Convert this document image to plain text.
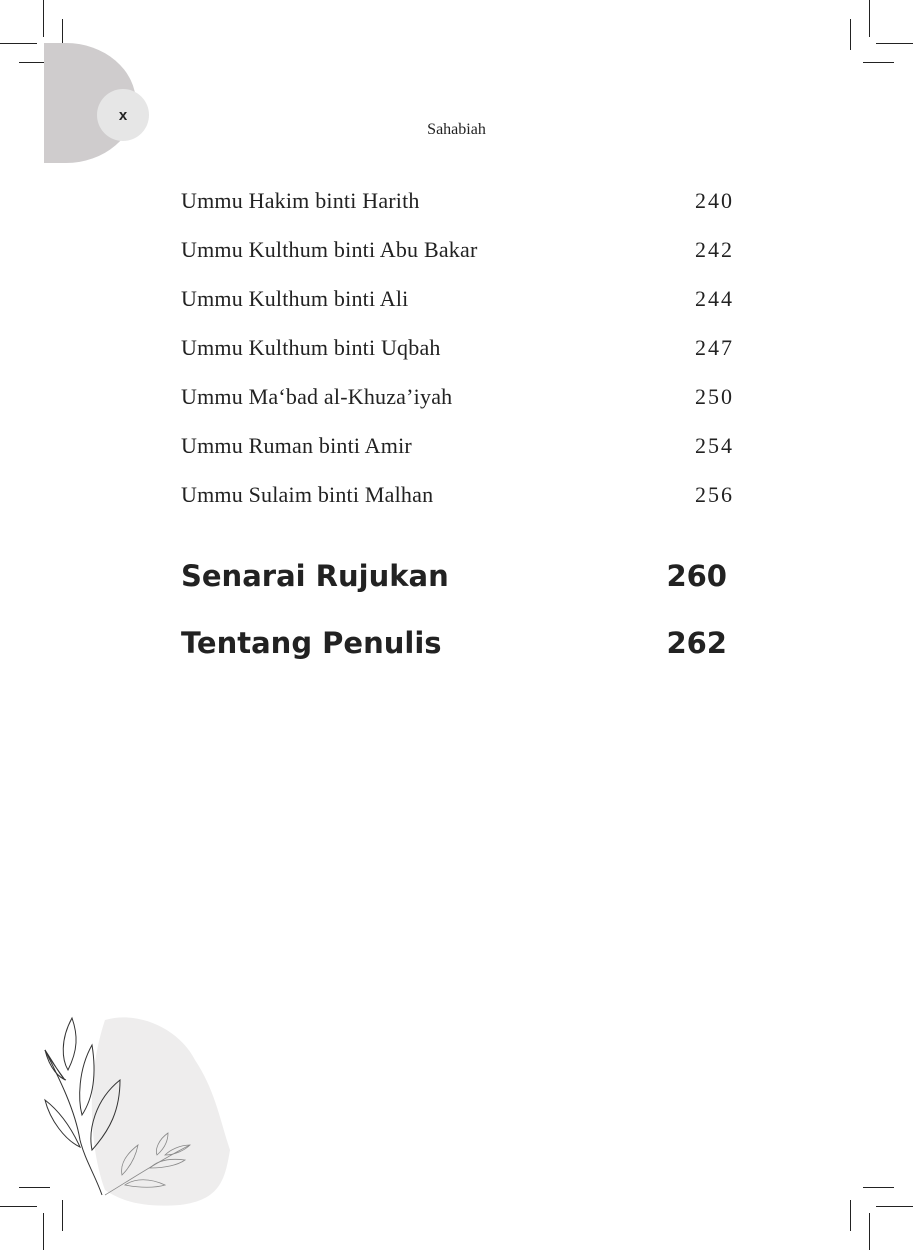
x
Sahabiah
Ummu Hakim binti Harith	240
Ummu Kulthum binti Abu Bakar	242
Ummu Kulthum binti Ali	244
Ummu Kulthum binti Uqbah	247
Ummu Ma‘bad al-Khuza’iyah	250
Ummu Ruman binti Amir	254
Ummu Sulaim binti Malhan	256
Senarai Rujukan	260
Tentang Penulis	262
